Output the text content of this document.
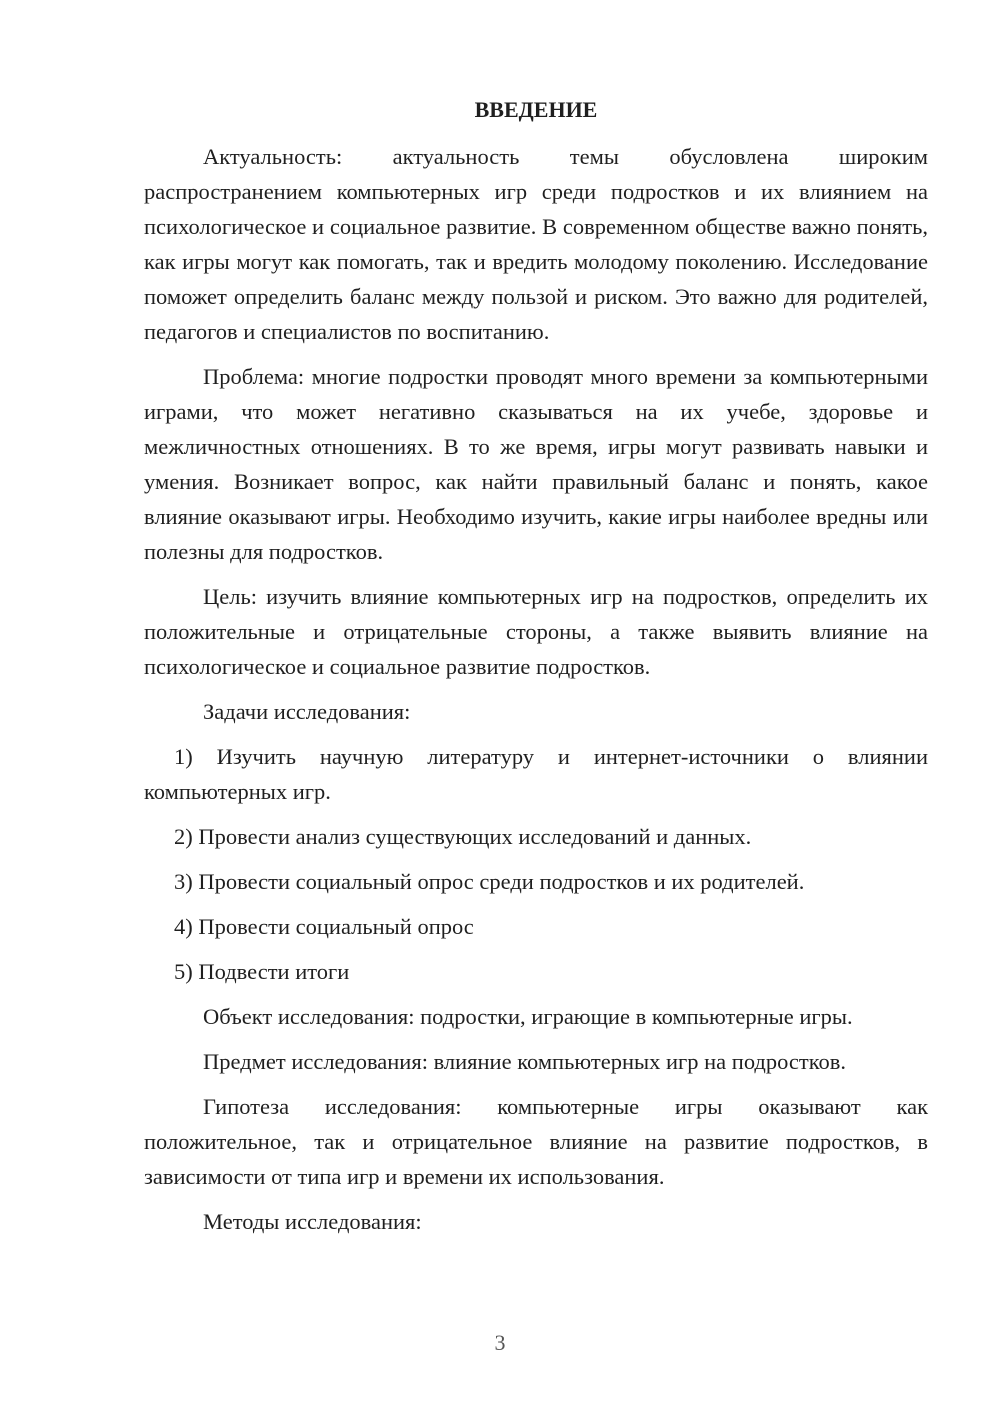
ВВЕДЕНИЕ

Актуальность: актуальность темы обусловлена широким распространением компьютерных игр среди подростков и их влиянием на психологическое и социальное развитие. В современном обществе важно понять, как игры могут как помогать, так и вредить молодому поколению. Исследование поможет определить баланс между пользой и риском. Это важно для родителей, педагогов и специалистов по воспитанию.

Проблема: многие подростки проводят много времени за компьютерными играми, что может негативно сказываться на их учебе, здоровье и межличностных отношениях. В то же время, игры могут развивать навыки и умения. Возникает вопрос, как найти правильный баланс и понять, какое влияние оказывают игры. Необходимо изучить, какие игры наиболее вредны или полезны для подростков.

Цель: изучить влияние компьютерных игр на подростков, определить их положительные и отрицательные стороны, а также выявить влияние на психологическое и социальное развитие подростков.

Задачи исследования:

1) Изучить научную литературу и интернет-источники о влиянии компьютерных игр.

2) Провести анализ существующих исследований и данных.

3) Провести социальный опрос среди подростков и их родителей.

4) Провести социальный опрос

5) Подвести итоги

Объект исследования: подростки, играющие в компьютерные игры.

Предмет исследования: влияние компьютерных игр на подростков.

Гипотеза исследования: компьютерные игры оказывают как положительное, так и отрицательное влияние на развитие подростков, в зависимости от типа игр и времени их использования.

Методы исследования:

3
